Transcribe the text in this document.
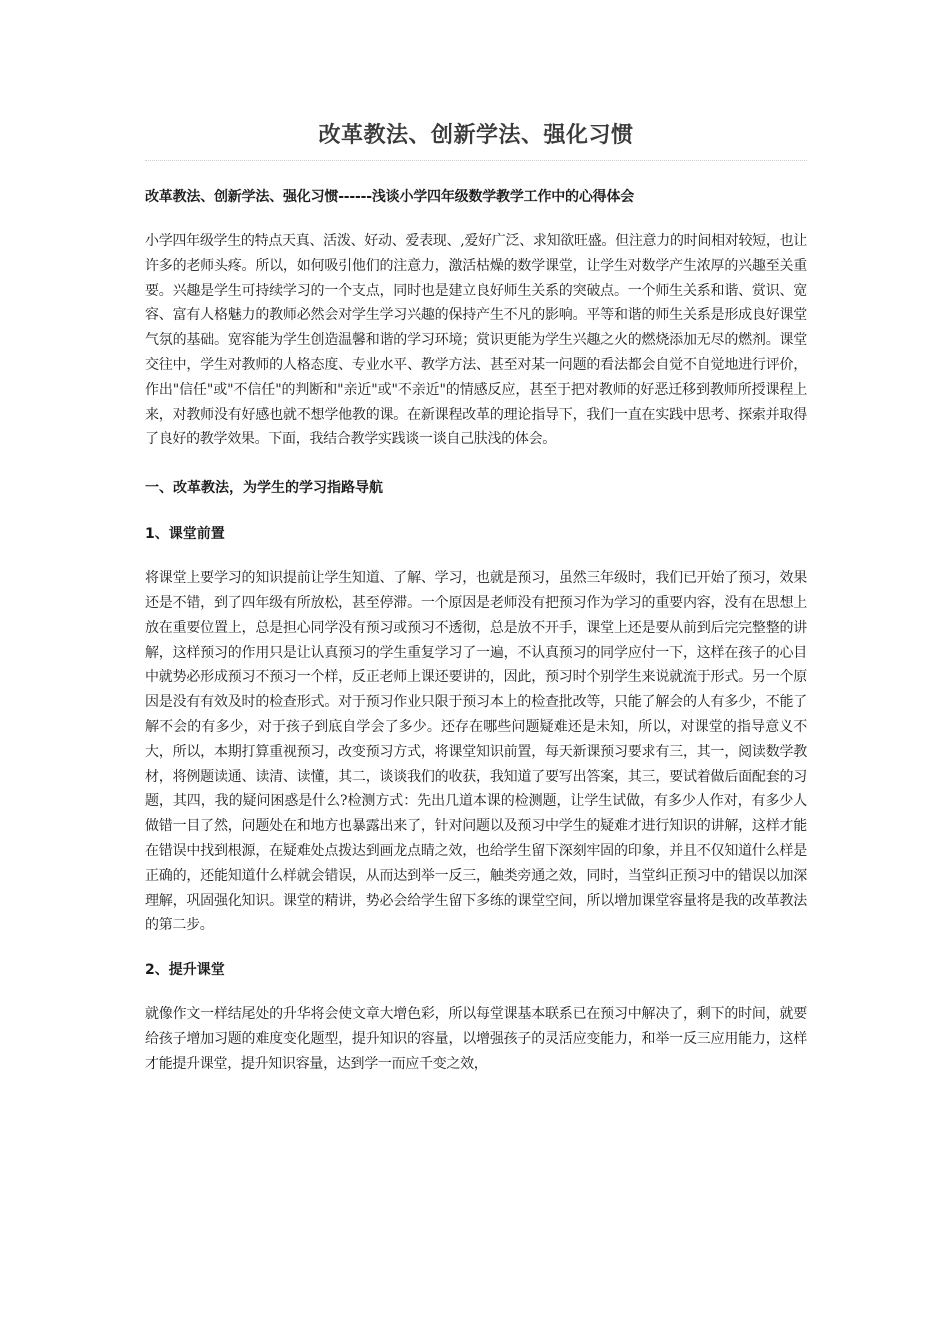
改革教法、创新学法、强化习惯

改革教法、创新学法、强化习惯------浅谈小学四年级数学教学工作中的心得体会

小学四年级学生的特点天真、活泼、好动、爱表现、,爱好广泛、求知欲旺盛。但注意力的时间相对较短，也让许多的老师头疼。所以，如何吸引他们的注意力，激活枯燥的数学课堂，让学生对数学产生浓厚的兴趣至关重要。兴趣是学生可持续学习的一个支点，同时也是建立良好师生关系的突破点。一个师生关系和谐、赏识、宽容、富有人格魅力的教师必然会对学生学习兴趣的保持产生不凡的影响。平等和谐的师生关系是形成良好课堂气氛的基础。宽容能为学生创造温馨和谐的学习环境；赏识更能为学生兴趣之火的燃烧添加无尽的燃剂。课堂交往中，学生对教师的人格态度、专业水平、教学方法、甚至对某一问题的看法都会自觉不自觉地进行评价，作出"信任"或"不信任"的判断和"亲近"或"不亲近"的情感反应，甚至于把对教师的好恶迁移到教师所授课程上来，对教师没有好感也就不想学他教的课。在新课程改革的理论指导下，我们一直在实践中思考、探索并取得了良好的教学效果。下面，我结合教学实践谈一谈自己肤浅的体会。

一、改革教法，为学生的学习指路导航

1、课堂前置

将课堂上要学习的知识提前让学生知道、了解、学习，也就是预习，虽然三年级时，我们已开始了预习，效果还是不错，到了四年级有所放松，甚至停滞。一个原因是老师没有把预习作为学习的重要内容，没有在思想上放在重要位置上，总是担心同学没有预习或预习不透彻，总是放不开手，课堂上还是要从前到后完完整整的讲解，这样预习的作用只是让认真预习的学生重复学习了一遍，不认真预习的同学应付一下，这样在孩子的心目中就势必形成预习不预习一个样，反正老师上课还要讲的，因此，预习时个别学生来说就流于形式。另一个原因是没有有效及时的检查形式。对于预习作业只限于预习本上的检查批改等，只能了解会的人有多少，不能了解不会的有多少，对于孩子到底自学会了多少。还存在哪些问题疑难还是未知，所以，对课堂的指导意义不大，所以，本期打算重视预习，改变预习方式，将课堂知识前置，每天新课预习要求有三，其一，阅读数学教材，将例题读通、读清、读懂，其二，谈谈我们的收获，我知道了要写出答案，其三，要试着做后面配套的习题，其四，我的疑问困惑是什么?检测方式：先出几道本课的检测题，让学生试做，有多少人作对，有多少人做错一目了然，问题处在和地方也暴露出来了，针对问题以及预习中学生的疑难才进行知识的讲解，这样才能在错误中找到根源，在疑难处点拨达到画龙点睛之效，也给学生留下深刻牢固的印象，并且不仅知道什么样是正确的，还能知道什么样就会错误，从而达到举一反三，触类旁通之效，同时，当堂纠正预习中的错误以加深理解，巩固强化知识。课堂的精讲，势必会给学生留下多练的课堂空间，所以增加课堂容量将是我的改革教法的第二步。

2、提升课堂

就像作文一样结尾处的升华将会使文章大增色彩，所以每堂课基本联系已在预习中解决了，剩下的时间，就要给孩子增加习题的难度变化题型，提升知识的容量，以增强孩子的灵活应变能力，和举一反三应用能力，这样才能提升课堂，提升知识容量，达到学一而应千变之效，
